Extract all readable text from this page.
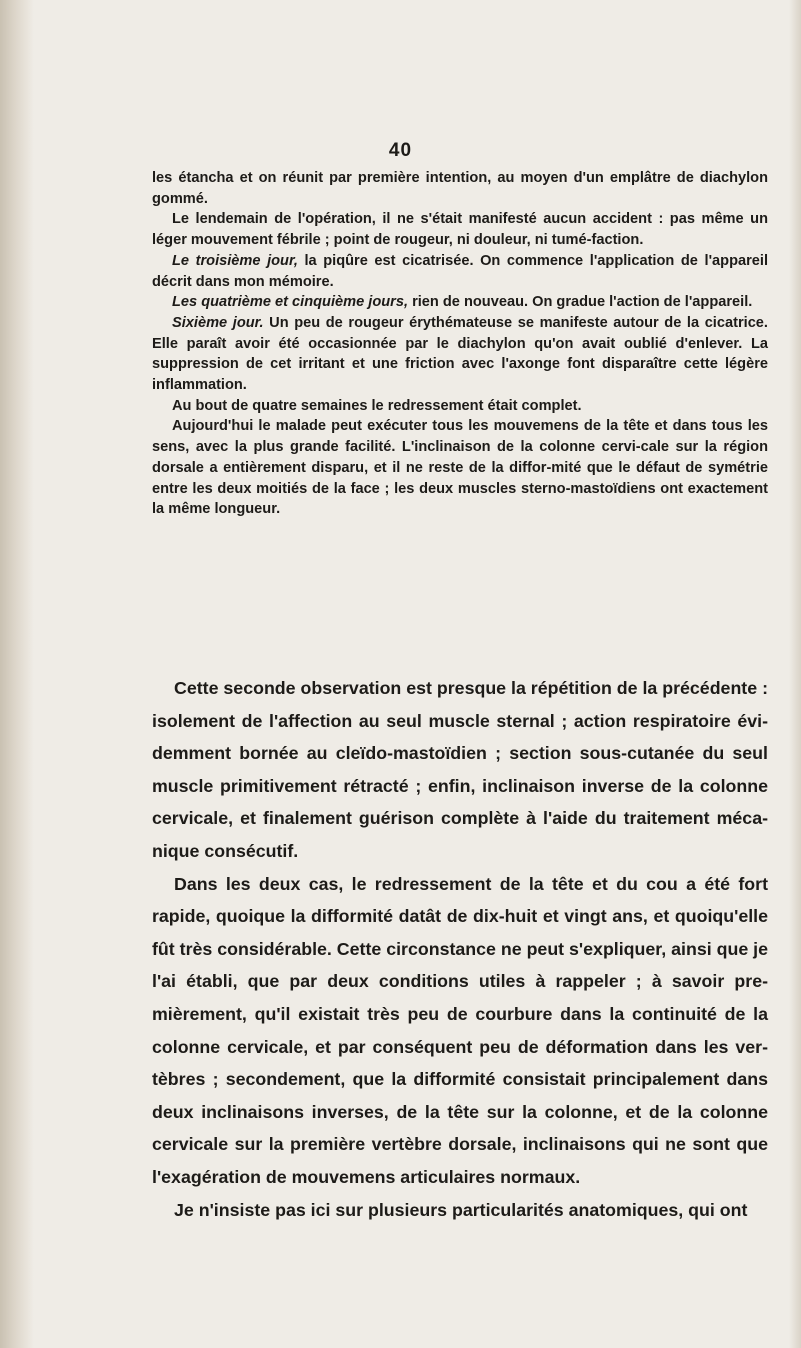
40

les étancha et on réunit par première intention, au moyen d'un emplâtre de diachylon gommé.

Le lendemain de l'opération, il ne s'était manifesté aucun accident : pas même un léger mouvement fébrile ; point de rougeur, ni douleur, ni tumé-faction.

Le troisième jour, la piqûre est cicatrisée. On commence l'application de l'appareil décrit dans mon mémoire.

Les quatrième et cinquième jours, rien de nouveau. On gradue l'action de l'appareil.

Sixième jour. Un peu de rougeur érythémateuse se manifeste autour de la cicatrice. Elle paraît avoir été occasionnée par le diachylon qu'on avait oublié d'enlever. La suppression de cet irritant et une friction avec l'axonge font disparaître cette légère inflammation.

Au bout de quatre semaines le redressement était complet.

Aujourd'hui le malade peut exécuter tous les mouvemens de la tête et dans tous les sens, avec la plus grande facilité. L'inclinaison de la colonne cervi-cale sur la région dorsale a entièrement disparu, et il ne reste de la diffor-mité que le défaut de symétrie entre les deux moitiés de la face ; les deux muscles sterno-mastoïdiens ont exactement la même longueur.

Cette seconde observation est presque la répétition de la précédente : isolement de l'affection au seul muscle sternal ; action respiratoire évi-demment bornée au cleïdo-mastoïdien ; section sous-cutanée du seul muscle primitivement rétracté ; enfin, inclinaison inverse de la colonne cervicale, et finalement guérison complète à l'aide du traitement méca-nique consécutif.

Dans les deux cas, le redressement de la tête et du cou a été fort rapide, quoique la difformité datât de dix-huit et vingt ans, et quoiqu'elle fût très considérable. Cette circonstance ne peut s'expliquer, ainsi que je l'ai établi, que par deux conditions utiles à rappeler ; à savoir pre-mièrement, qu'il existait très peu de courbure dans la continuité de la colonne cervicale, et par conséquent peu de déformation dans les ver-tèbres ; secondement, que la difformité consistait principalement dans deux inclinaisons inverses, de la tête sur la colonne, et de la colonne cervicale sur la première vertèbre dorsale, inclinaisons qui ne sont que l'exagération de mouvemens articulaires normaux.

Je n'insiste pas ici sur plusieurs particularités anatomiques, qui ont
